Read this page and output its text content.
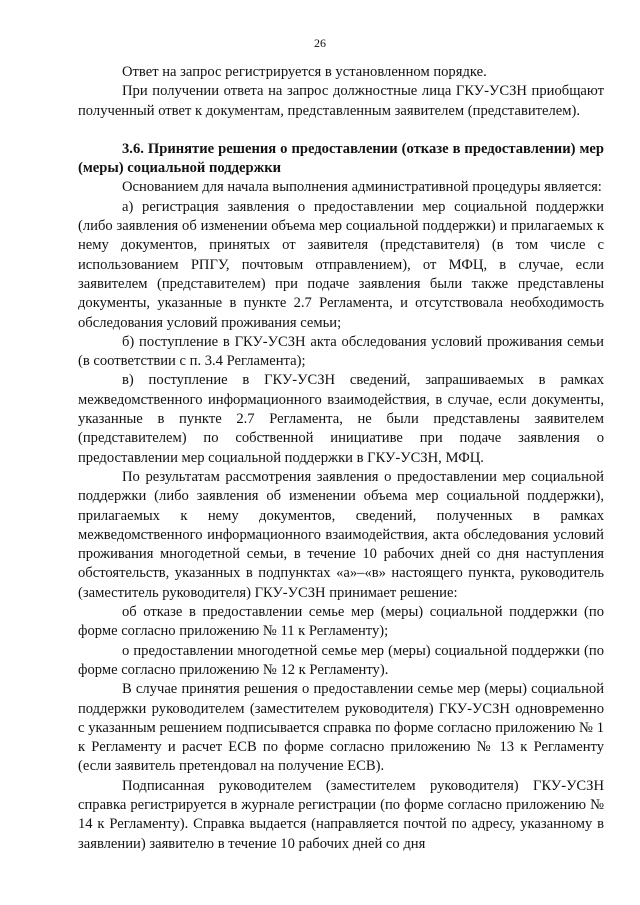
26

Ответ на запрос регистрируется в установленном порядке.

При получении ответа на запрос должностные лица ГКУ-УСЗН приобщают полученный ответ к документам, представленным заявителем (представителем).

3.6. Принятие решения о предоставлении (отказе в предоставлении) мер (меры) социальной поддержки

Основанием для начала выполнения административной процедуры является:

а) регистрация заявления о предоставлении мер социальной поддержки (либо заявления об изменении объема мер социальной поддержки) и прилагаемых к нему документов, принятых от заявителя (представителя) (в том числе с использованием РПГУ, почтовым отправлением), от МФЦ, в случае, если заявителем (представителем) при подаче заявления были также представлены документы, указанные в пункте 2.7 Регламента, и отсутствовала необходимость обследования условий проживания семьи;

б) поступление в ГКУ-УСЗН акта обследования условий проживания семьи (в соответствии с п. 3.4 Регламента);

в) поступление в ГКУ-УСЗН сведений, запрашиваемых в рамках межведомственного информационного взаимодействия, в случае, если документы, указанные в пункте 2.7 Регламента, не были представлены заявителем (представителем) по собственной инициативе при подаче заявления о предоставлении мер социальной поддержки в ГКУ-УСЗН, МФЦ.

По результатам рассмотрения заявления о предоставлении мер социальной поддержки (либо заявления об изменении объема мер социальной поддержки), прилагаемых к нему документов, сведений, полученных в рамках межведомственного информационного взаимодействия, акта обследования условий проживания многодетной семьи, в течение 10 рабочих дней со дня наступления обстоятельств, указанных в подпунктах «а»–«в» настоящего пункта, руководитель (заместитель руководителя) ГКУ-УСЗН принимает решение:

об отказе в предоставлении семье мер (меры) социальной поддержки (по форме согласно приложению № 11 к Регламенту);

о предоставлении многодетной семье мер (меры) социальной поддержки (по форме согласно приложению № 12 к Регламенту).

В случае принятия решения о предоставлении семье мер (меры) социальной поддержки руководителем (заместителем руководителя) ГКУ-УСЗН одновременно с указанным решением подписывается справка по форме согласно приложению № 1 к Регламенту и расчет ЕСВ по форме согласно приложению № 13 к Регламенту (если заявитель претендовал на получение ЕСВ).

Подписанная руководителем (заместителем руководителя) ГКУ-УСЗН справка регистрируется в журнале регистрации (по форме согласно приложению № 14 к Регламенту). Справка выдается (направляется почтой по адресу, указанному в заявлении) заявителю в течение 10 рабочих дней со дня
